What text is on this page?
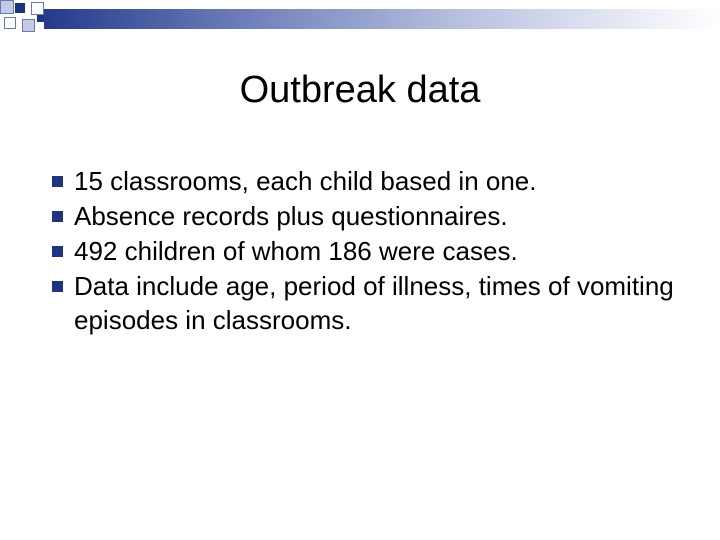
Outbreak data
15 classrooms, each child based in one.
Absence records plus questionnaires.
492 children of whom 186 were cases.
Data include age, period of illness, times of vomiting episodes in classrooms.
